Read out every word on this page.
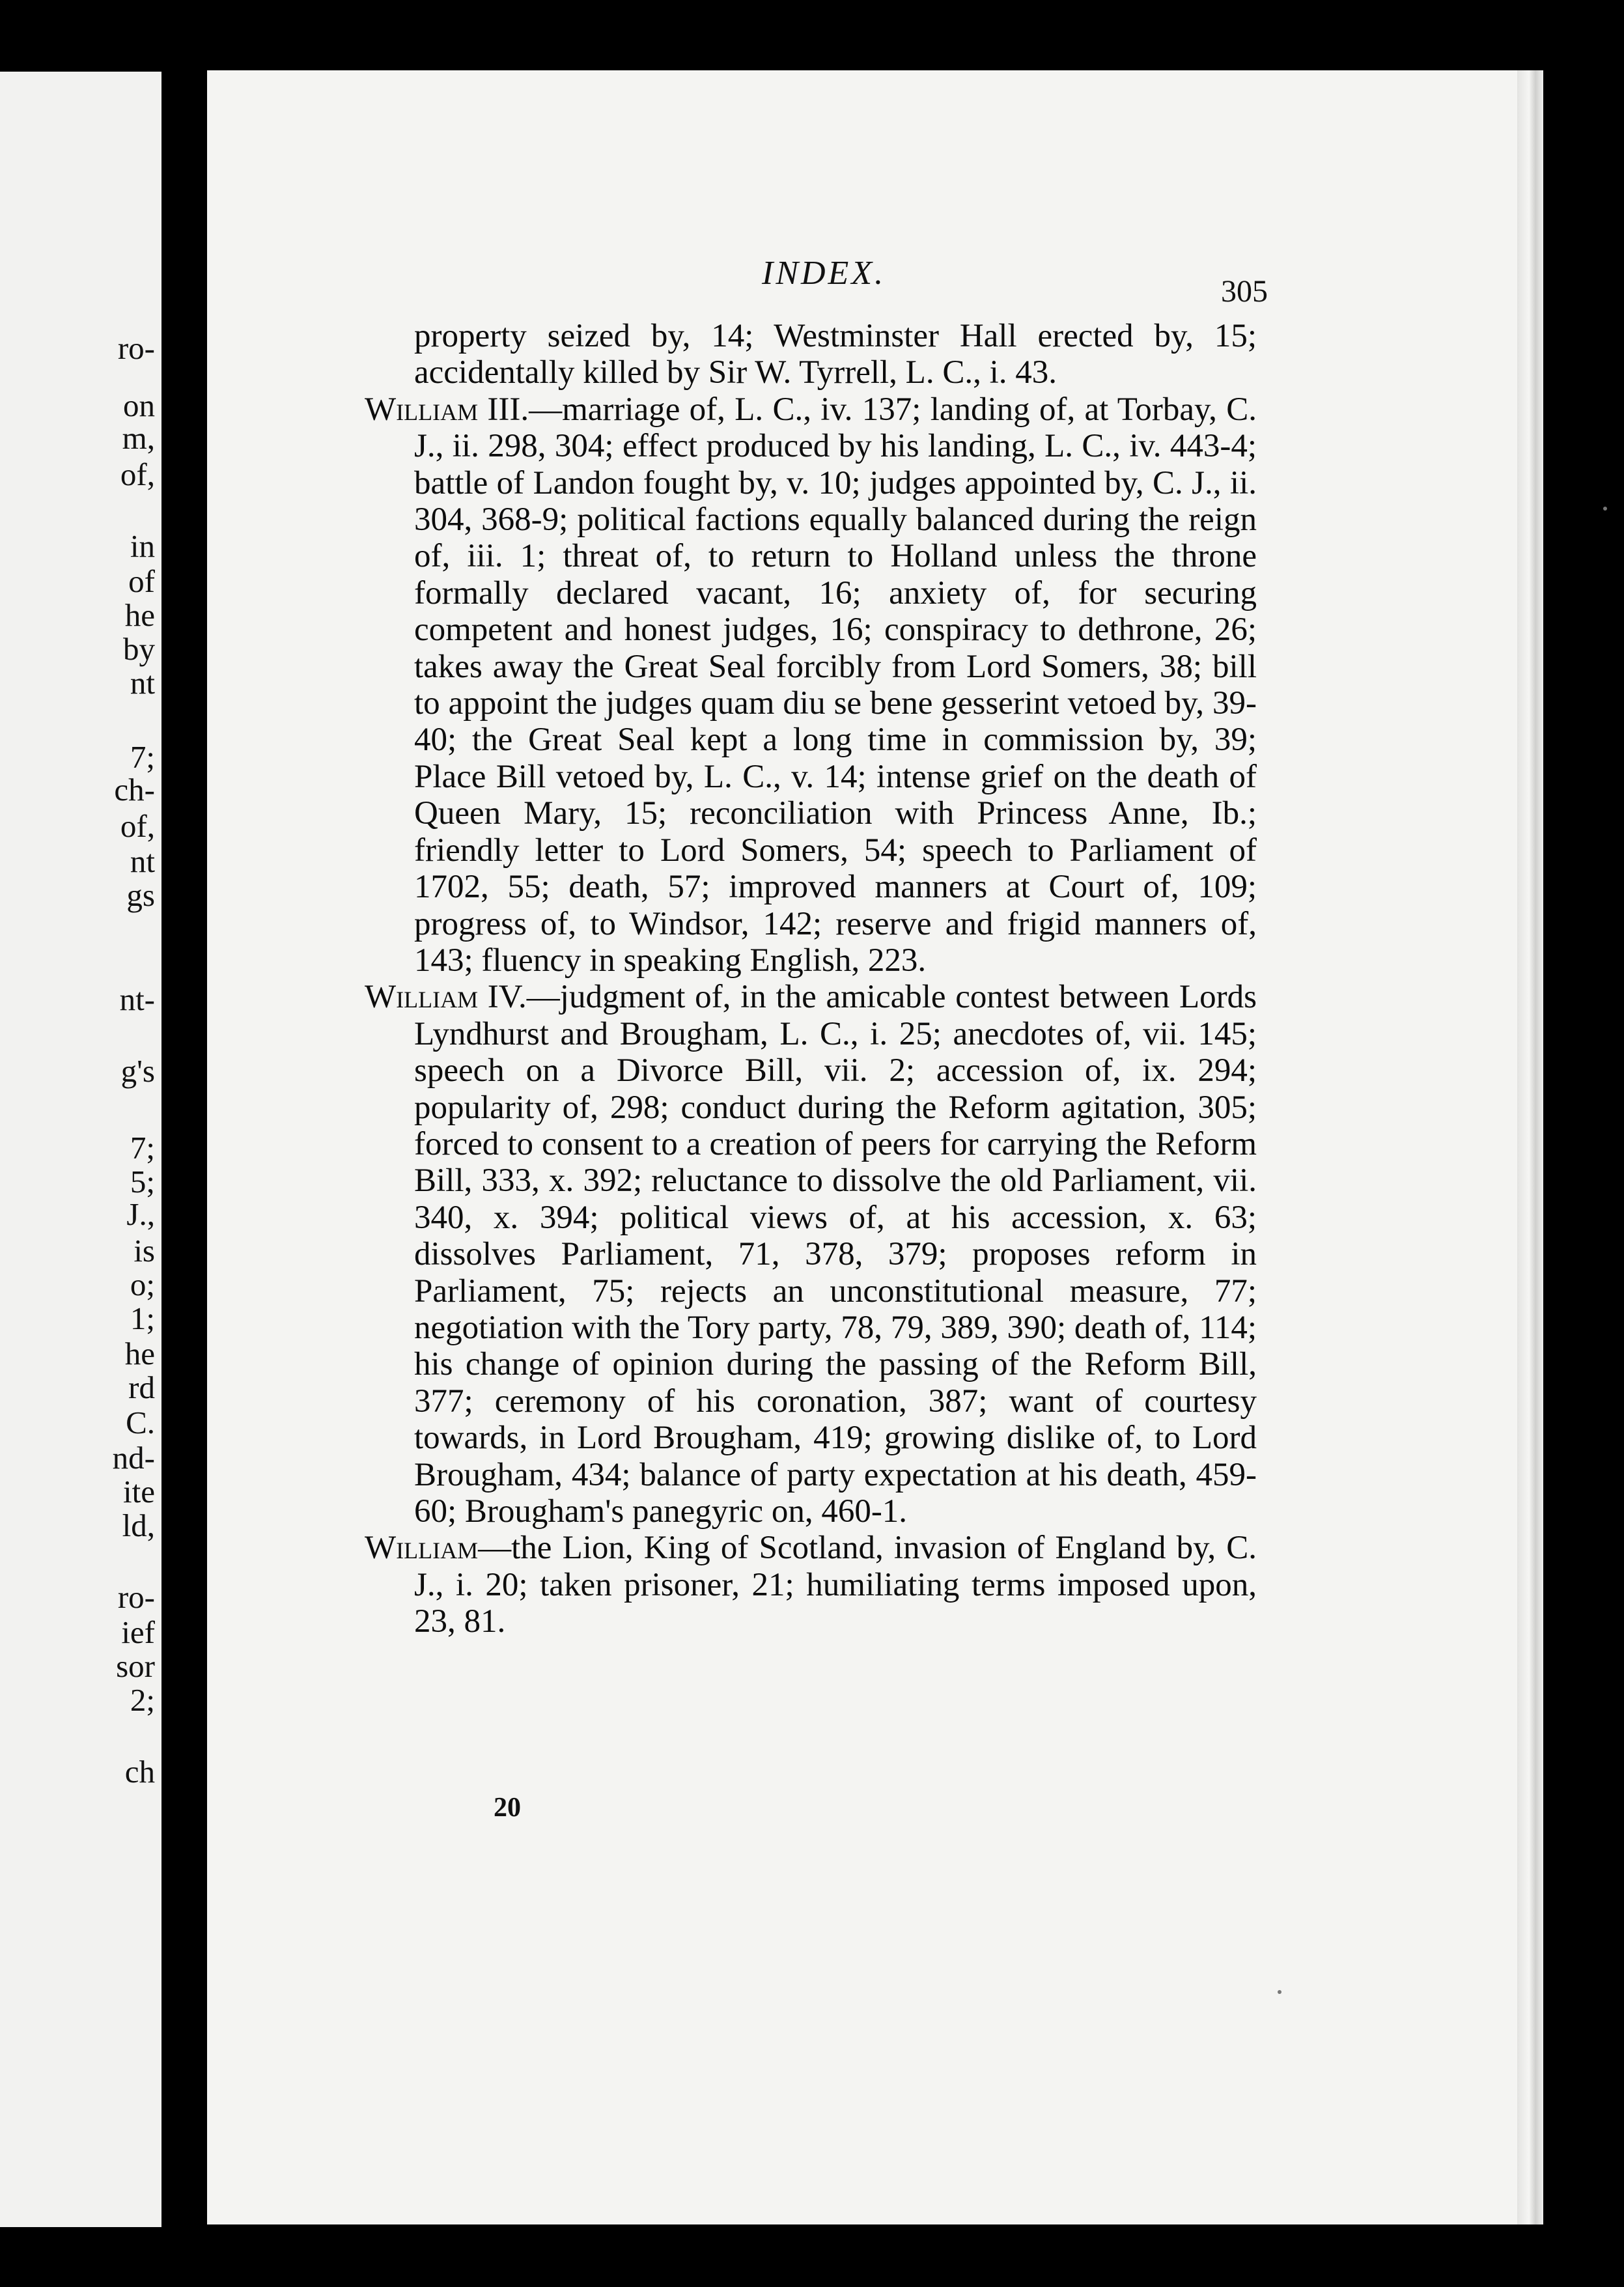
ro-
on
m,
of,
in
of
he
by
nt
7;
ch-
of,
nt
gs
nt-
g's
7;
5;
J.,
is
o;
1;
he
rd
C.
nd-
ite
ld,
ro-
ief
sor
2;
ch
INDEX.	305

property seized by, 14; Westminster Hall erected by, 15; accidentally killed by Sir W. Tyrrell, L. C., i. 43.

William III.—marriage of, L. C., iv. 137; landing of, at Torbay, C. J., ii. 298, 304; effect produced by his landing, L. C., iv. 443-4; battle of Landon fought by, v. 10; judges appointed by, C. J., ii. 304, 368-9; political factions equally balanced during the reign of, iii. 1; threat of, to return to Holland unless the throne formally declared vacant, 16; anxiety of, for securing competent and honest judges, 16; conspiracy to dethrone, 26; takes away the Great Seal forcibly from Lord Somers, 38; bill to appoint the judges quam diu se bene gesserint vetoed by, 39-40; the Great Seal kept a long time in commission by, 39; Place Bill vetoed by, L. C., v. 14; intense grief on the death of Queen Mary, 15; reconciliation with Princess Anne, Ib.; friendly letter to Lord Somers, 54; speech to Parliament of 1702, 55; death, 57; improved manners at Court of, 109; progress of, to Windsor, 142; reserve and frigid manners of, 143; fluency in speaking English, 223.

William IV.—judgment of, in the amicable contest between Lords Lyndhurst and Brougham, L. C., i. 25; anecdotes of, vii. 145; speech on a Divorce Bill, vii. 2; accession of, ix. 294; popularity of, 298; conduct during the Reform agitation, 305; forced to consent to a creation of peers for carrying the Reform Bill, 333, x. 392; reluctance to dissolve the old Parliament, vii. 340, x. 394; political views of, at his accession, x. 63; dissolves Parliament, 71, 378, 379; proposes reform in Parliament, 75; rejects an unconstitutional measure, 77; negotiation with the Tory party, 78, 79, 389, 390; death of, 114; his change of opinion during the passing of the Reform Bill, 377; ceremony of his coronation, 387; want of courtesy towards, in Lord Brougham, 419; growing dislike of, to Lord Brougham, 434; balance of party expectation at his death, 459-60; Brougham's panegyric on, 460-1.

William—the Lion, King of Scotland, invasion of England by, C. J., i. 20; taken prisoner, 21; humiliating terms imposed upon, 23, 81.

20
